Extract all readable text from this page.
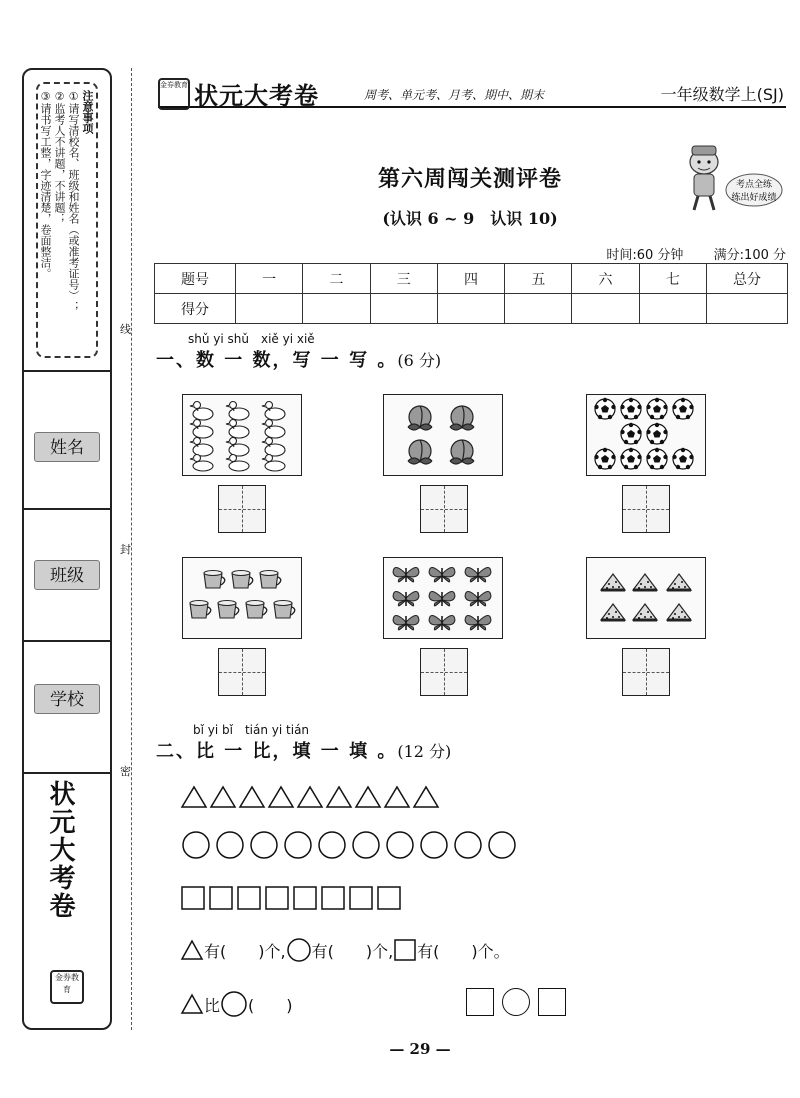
注意事项
①请写清校名、班级和姓名（或准考证号）；
②监考人不讲题，不讲题；
③请书写工整，字迹清楚，卷面整洁。
姓名
班级
学校
状元大考卷
金券教育
线
封
密
金券教育 状元大考卷	周考、单元考、月考、期中、期末	一年级数学上(SJ)
第六周闯关测评卷
(认识 6 ~ 9　认识 10)
考点全练
练出好成绩
时间:60 分钟 满分:100 分
题号	一	二	三	四	五	六	七	总分
得分								
shǔ yi shǔ　xiě yi xiě
一、数 一 数，写 一 写 。(6 分)
bǐ yi bǐ　tián yi tián
二、比 一 比，填 一 填 。(12 分)
有(　　)个, 有(　　)个, 有(　　)个。
比 (　　)
— 29 —
